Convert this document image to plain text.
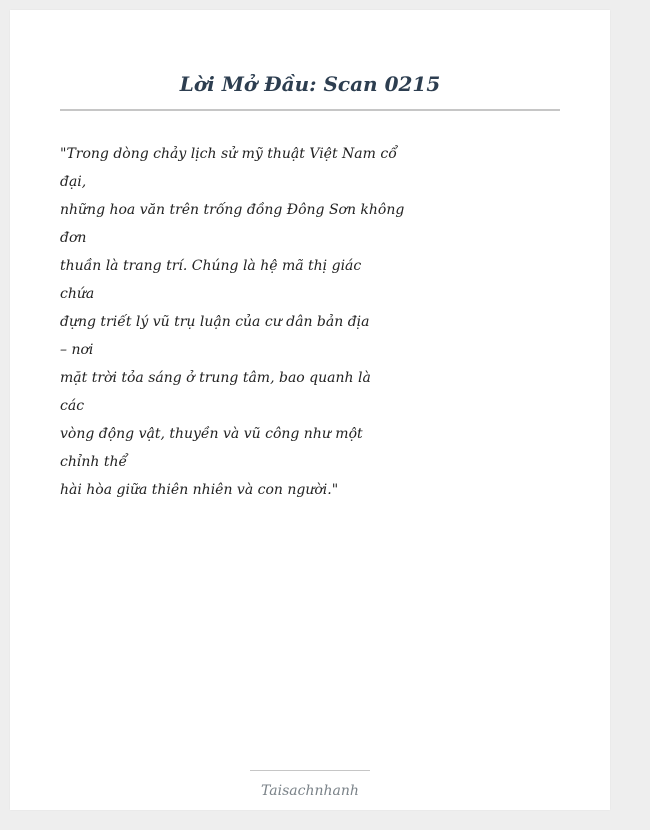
Lời Mở Đầu: Scan 0215
"Trong dòng chảy lịch sử mỹ thuật Việt Nam cổ
đại,
những hoa văn trên trống đồng Đông Sơn không
đơn
thuần là trang trí. Chúng là hệ mã thị giác
chứa
đựng triết lý vũ trụ luận của cư dân bản địa
– nơi
mặt trời tỏa sáng ở trung tâm, bao quanh là
các
vòng động vật, thuyền và vũ công như một
chỉnh thể
hài hòa giữa thiên nhiên và con người."
Taisachnhanh
